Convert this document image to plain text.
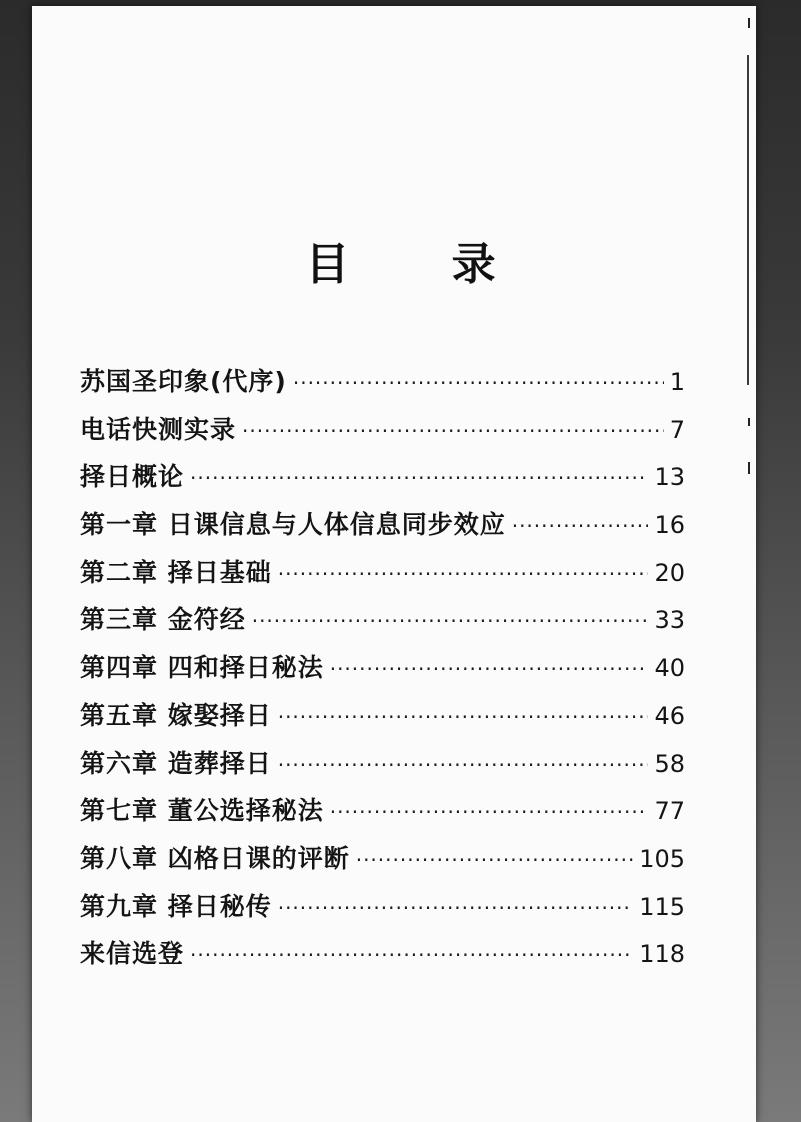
目 录
苏国圣印象(代序) ·····	1
电话快测实录 ·····	7
择日概论 ·····	13
第一章 日课信息与人体信息同步效应 ·····	16
第二章 择日基础 ·····	20
第三章 金符经 ·····	33
第四章 四和择日秘法 ·····	40
第五章 嫁娶择日 ·····	46
第六章 造葬择日 ·····	58
第七章 董公选择秘法 ·····	77
第八章 凶格日课的评断 ·····	105
第九章 择日秘传 ·····	115
来信选登 ·····	118
